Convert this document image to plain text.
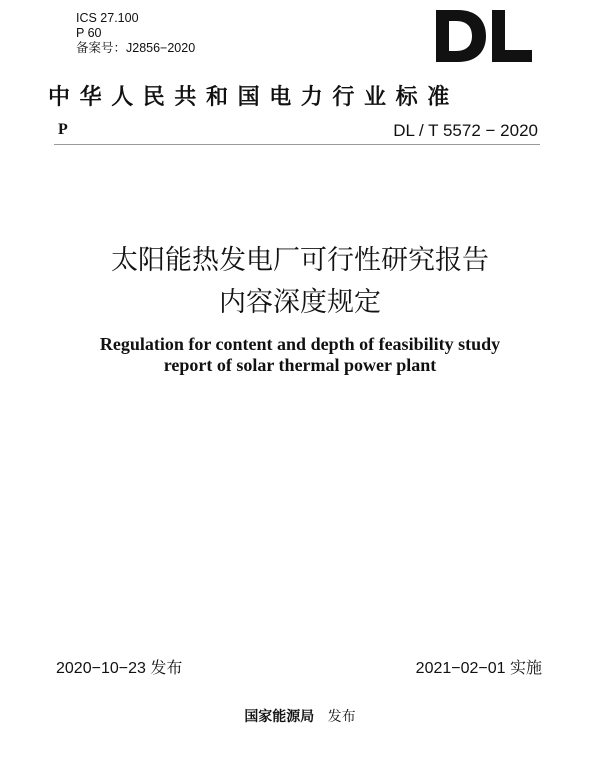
ICS 27.100

P 60

备案号：J2856−2020

中华人民共和国电力行业标准

P	DL / T 5572 − 2020

太阳能热发电厂可行性研究报告

内容深度规定

Regulation for content and depth of feasibility study

report of solar thermal power plant

2020−10−23 发布	2021−02−01 实施

国家能源局 发布
